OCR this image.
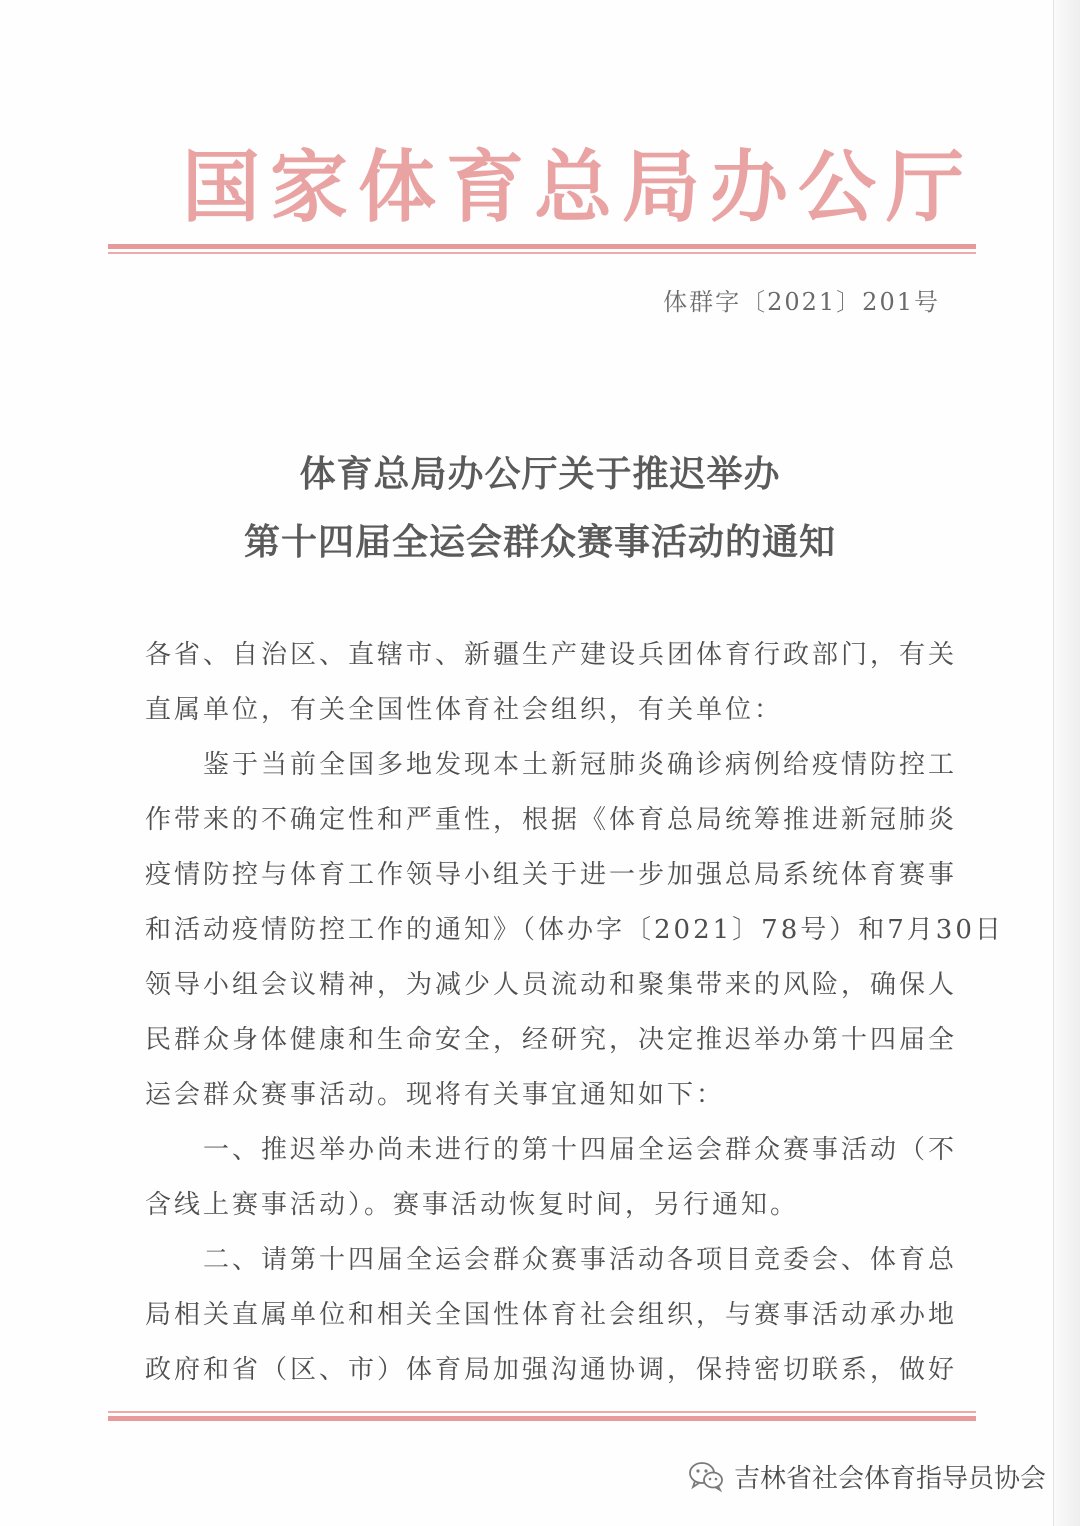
国家体育总局办公厅
体群字〔2021〕201号
体育总局办公厅关于推迟举办
第十四届全运会群众赛事活动的通知
各省、自治区、直辖市、新疆生产建设兵团体育行政部门，有关
直属单位，有关全国性体育社会组织，有关单位：
　　鉴于当前全国多地发现本土新冠肺炎确诊病例给疫情防控工
作带来的不确定性和严重性，根据《体育总局统筹推进新冠肺炎
疫情防控与体育工作领导小组关于进一步加强总局系统体育赛事
和活动疫情防控工作的通知》（体办字〔2021〕78号）和7月30日
领导小组会议精神，为减少人员流动和聚集带来的风险，确保人
民群众身体健康和生命安全，经研究，决定推迟举办第十四届全
运会群众赛事活动。现将有关事宜通知如下：
　　一、推迟举办尚未进行的第十四届全运会群众赛事活动（不
含线上赛事活动）。赛事活动恢复时间，另行通知。
　　二、请第十四届全运会群众赛事活动各项目竞委会、体育总
局相关直属单位和相关全国性体育社会组织，与赛事活动承办地
政府和省（区、市）体育局加强沟通协调，保持密切联系，做好
吉林省社会体育指导员协会
